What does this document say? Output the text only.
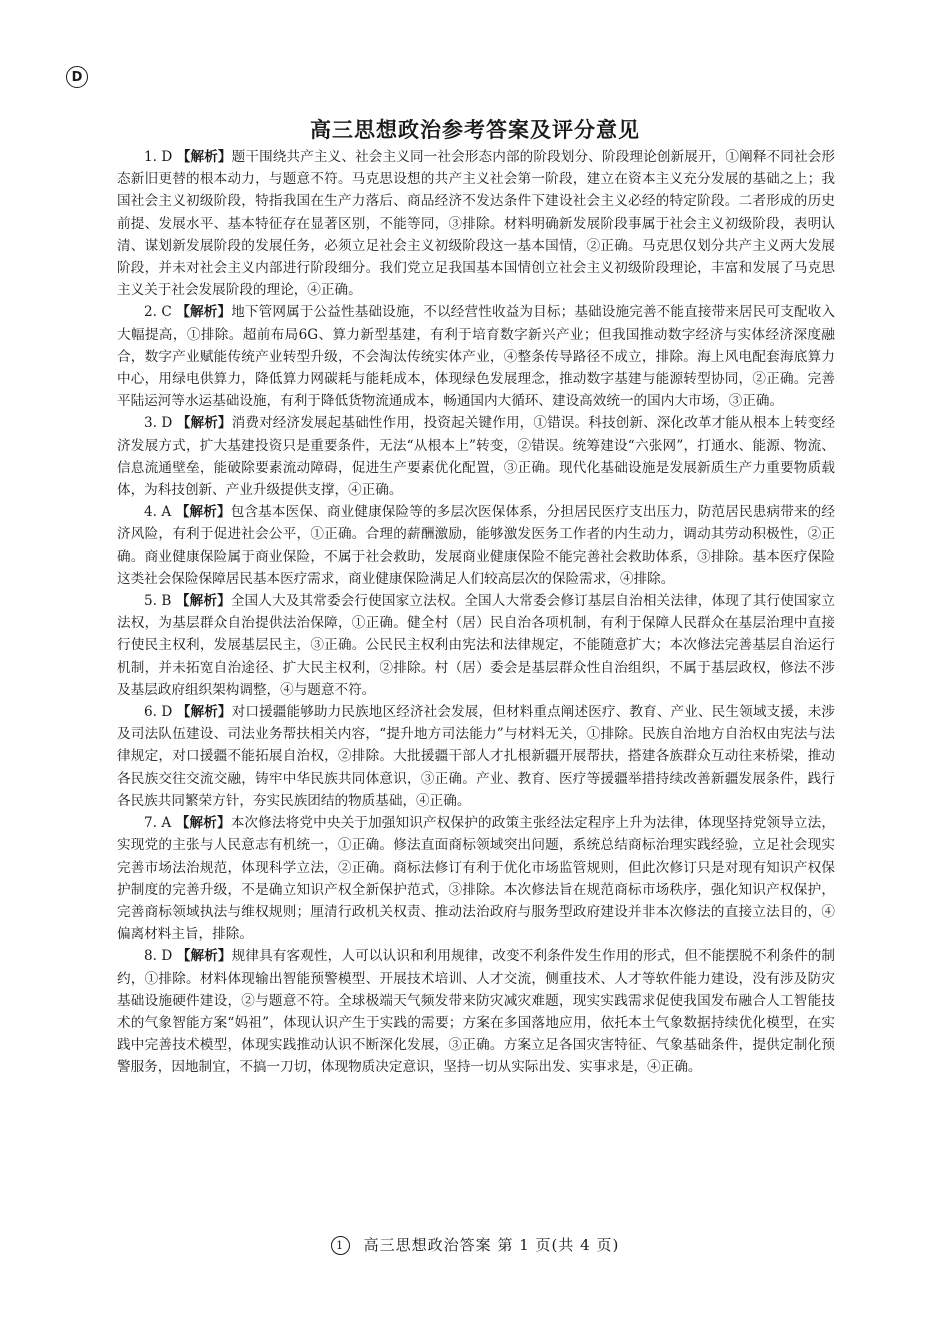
D
高三思想政治参考答案及评分意见

1. D 【解析】题干围绕共产主义、社会主义同一社会形态内部的阶段划分、阶段理论创新展开，①阐释不同社会形态新旧更替的根本动力，与题意不符。马克思设想的共产主义社会第一阶段，建立在资本主义充分发展的基础之上；我国社会主义初级阶段，特指我国在生产力落后、商品经济不发达条件下建设社会主义必经的特定阶段。二者形成的历史前提、发展水平、基本特征存在显著区别，不能等同，③排除。材料明确新发展阶段事属于社会主义初级阶段，表明认清、谋划新发展阶段的发展任务，必须立足社会主义初级阶段这一基本国情，②正确。马克思仅划分共产主义两大发展阶段，并未对社会主义内部进行阶段细分。我们党立足我国基本国情创立社会主义初级阶段理论，丰富和发展了马克思主义关于社会发展阶段的理论，④正确。

2. C 【解析】地下管网属于公益性基础设施，不以经营性收益为目标；基础设施完善不能直接带来居民可支配收入大幅提高，①排除。超前布局6G、算力新型基建，有利于培育数字新兴产业；但我国推动数字经济与实体经济深度融合，数字产业赋能传统产业转型升级，不会淘汰传统实体产业，④整条传导路径不成立，排除。海上风电配套海底算力中心，用绿电供算力，降低算力网碳耗与能耗成本，体现绿色发展理念，推动数字基建与能源转型协同，②正确。完善平陆运河等水运基础设施，有利于降低货物流通成本，畅通国内大循环、建设高效统一的国内大市场，③正确。

3. D 【解析】消费对经济发展起基础性作用，投资起关键作用，①错误。科技创新、深化改革才能从根本上转变经济发展方式，扩大基建投资只是重要条件，无法“从根本上”转变，②错误。统筹建设“六张网”，打通水、能源、物流、信息流通壁垒，能破除要素流动障碍，促进生产要素优化配置，③正确。现代化基础设施是发展新质生产力重要物质载体，为科技创新、产业升级提供支撑，④正确。

4. A 【解析】包含基本医保、商业健康保险等的多层次医保体系，分担居民医疗支出压力，防范居民患病带来的经济风险，有利于促进社会公平，①正确。合理的薪酬激励，能够激发医务工作者的内生动力，调动其劳动积极性，②正确。商业健康保险属于商业保险，不属于社会救助，发展商业健康保险不能完善社会救助体系，③排除。基本医疗保险这类社会保险保障居民基本医疗需求，商业健康保险满足人们较高层次的保险需求，④排除。

5. B 【解析】全国人大及其常委会行使国家立法权。全国人大常委会修订基层自治相关法律，体现了其行使国家立法权，为基层群众自治提供法治保障，①正确。健全村（居）民自治各项机制，有利于保障人民群众在基层治理中直接行使民主权利，发展基层民主，③正确。公民民主权利由宪法和法律规定，不能随意扩大；本次修法完善基层自治运行机制，并未拓宽自治途径、扩大民主权利，②排除。村（居）委会是基层群众性自治组织，不属于基层政权，修法不涉及基层政府组织架构调整，④与题意不符。

6. D 【解析】对口援疆能够助力民族地区经济社会发展，但材料重点阐述医疗、教育、产业、民生领域支援，未涉及司法队伍建设、司法业务帮扶相关内容，“提升地方司法能力”与材料无关，①排除。民族自治地方自治权由宪法与法律规定，对口援疆不能拓展自治权，②排除。大批援疆干部人才扎根新疆开展帮扶，搭建各族群众互动往来桥梁，推动各民族交往交流交融，铸牢中华民族共同体意识，③正确。产业、教育、医疗等援疆举措持续改善新疆发展条件，践行各民族共同繁荣方针，夯实民族团结的物质基础，④正确。

7. A 【解析】本次修法将党中央关于加强知识产权保护的政策主张经法定程序上升为法律，体现坚持党领导立法，实现党的主张与人民意志有机统一，①正确。修法直面商标领域突出问题，系统总结商标治理实践经验，立足社会现实完善市场法治规范，体现科学立法，②正确。商标法修订有利于优化市场监管规则，但此次修订只是对现有知识产权保护制度的完善升级，不是确立知识产权全新保护范式，③排除。本次修法旨在规范商标市场秩序，强化知识产权保护，完善商标领域执法与维权规则；厘清行政机关权责、推动法治政府与服务型政府建设并非本次修法的直接立法目的，④偏离材料主旨，排除。

8. D 【解析】规律具有客观性，人可以认识和利用规律，改变不利条件发生作用的形式，但不能摆脱不利条件的制约，①排除。材料体现输出智能预警模型、开展技术培训、人才交流，侧重技术、人才等软件能力建设，没有涉及防灾基础设施硬件建设，②与题意不符。全球极端天气频发带来防灾减灾难题，现实实践需求促使我国发布融合人工智能技术的气象智能方案“妈祖”，体现认识产生于实践的需要；方案在多国落地应用，依托本土气象数据持续优化模型，在实践中完善技术模型，体现实践推动认识不断深化发展，③正确。方案立足各国灾害特征、气象基础条件，提供定制化预警服务，因地制宜，不搞一刀切，体现物质决定意识，坚持一切从实际出发、实事求是，④正确。

1 高三思想政治答案 第 1 页(共 4 页)
